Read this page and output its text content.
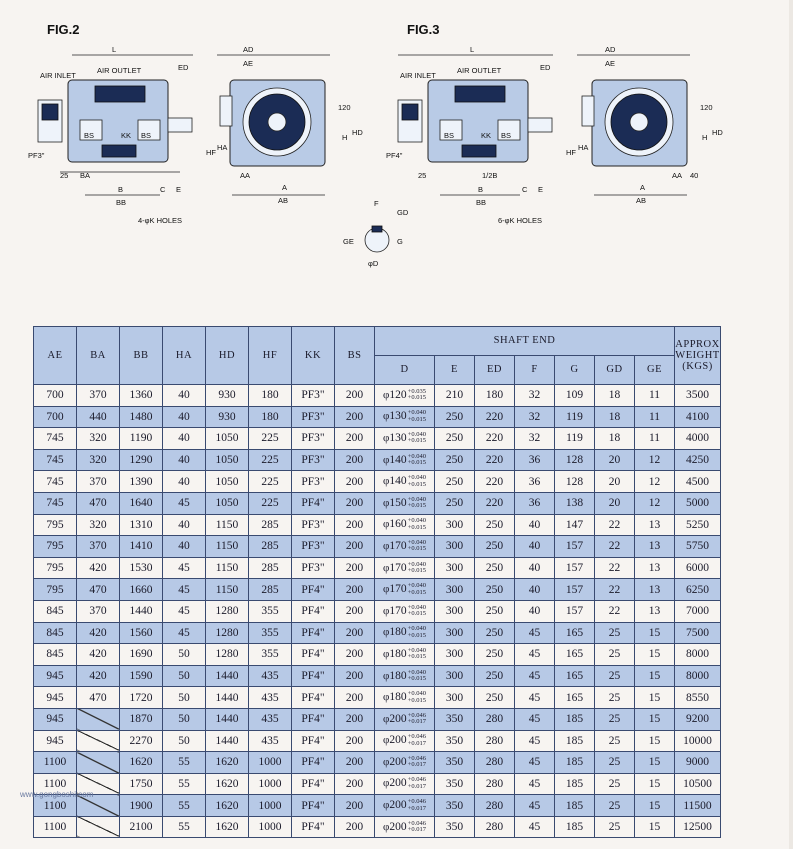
FIG.2	FIG.3
L
AIR INLET
AIR OUTLET	ED
BS	KK BS
PF3"
25 BA
B	C E
BB
4-φK HOLES
AD
AE
120
HF
HA
H
HD
AA
A
AB	F
GD
GE	G
φD
L
AIR INLET
AIR OUTLET	ED
BS	KK BS
PF4"
25	1/2B
B	C E
BB
6-φK HOLES
AD
AE
120
HF
HA
H
HD
AA 40
A
AB
AE	BA	BB	HA	HD	HF	KK	BS	SHAFT END							APPROX
WEIGHT
(KGS)
								D	E	ED	F	G	GD	GE	
700	370	1360	40	930	180	PF3"	200	φ120+0.035
+0.015	210	180	32	109	18	11	3500
700	440	1480	40	930	180	PF3"	200	φ130+0.040
+0.015	250	220	32	119	18	11	4100
745	320	1190	40	1050	225	PF3"	200	φ130+0.040
+0.015	250	220	32	119	18	11	4000
745	320	1290	40	1050	225	PF3"	200	φ140+0.040
+0.015	250	220	36	128	20	12	4250
745	370	1390	40	1050	225	PF3"	200	φ140+0.040
+0.015	250	220	36	128	20	12	4500
745	470	1640	45	1050	225	PF4"	200	φ150+0.040
+0.015	250	220	36	138	20	12	5000
795	320	1310	40	1150	285	PF3"	200	φ160+0.040
+0.015	300	250	40	147	22	13	5250
795	370	1410	40	1150	285	PF3"	200	φ170+0.040
+0.015	300	250	40	157	22	13	5750
795	420	1530	45	1150	285	PF3"	200	φ170+0.040
+0.015	300	250	40	157	22	13	6000
795	470	1660	45	1150	285	PF4"	200	φ170+0.040
+0.015	300	250	40	157	22	13	6250
845	370	1440	45	1280	355	PF4"	200	φ170+0.040
+0.015	300	250	40	157	22	13	7000
845	420	1560	45	1280	355	PF4"	200	φ180+0.040
+0.015	300	250	45	165	25	15	7500
845	420	1690	50	1280	355	PF4"	200	φ180+0.040
+0.015	300	250	45	165	25	15	8000
945	420	1590	50	1440	435	PF4"	200	φ180+0.040
+0.015	300	250	45	165	25	15	8000
945	470	1720	50	1440	435	PF4"	200	φ180+0.040
+0.015	300	250	45	165	25	15	8550
945		1870	50	1440	435	PF4"	200	φ200+0.046
+0.017	350	280	45	185	25	15	9200
945		2270	50	1440	435	PF4"	200	φ200+0.046
+0.017	350	280	45	185	25	15	10000
1100		1620	55	1620	1000	PF4"	200	φ200+0.046
+0.017	350	280	45	185	25	15	9000
1100		1750	55	1620	1000	PF4"	200	φ200+0.046
+0.017	350	280	45	185	25	15	10500
1100		1900	55	1620	1000	PF4"	200	φ200+0.046
+0.017	350	280	45	185	25	15	11500
1100		2100	55	1620	1000	PF4"	200	φ200+0.046
+0.017	350	280	45	185	25	15	12500
www.gongboshi.com
